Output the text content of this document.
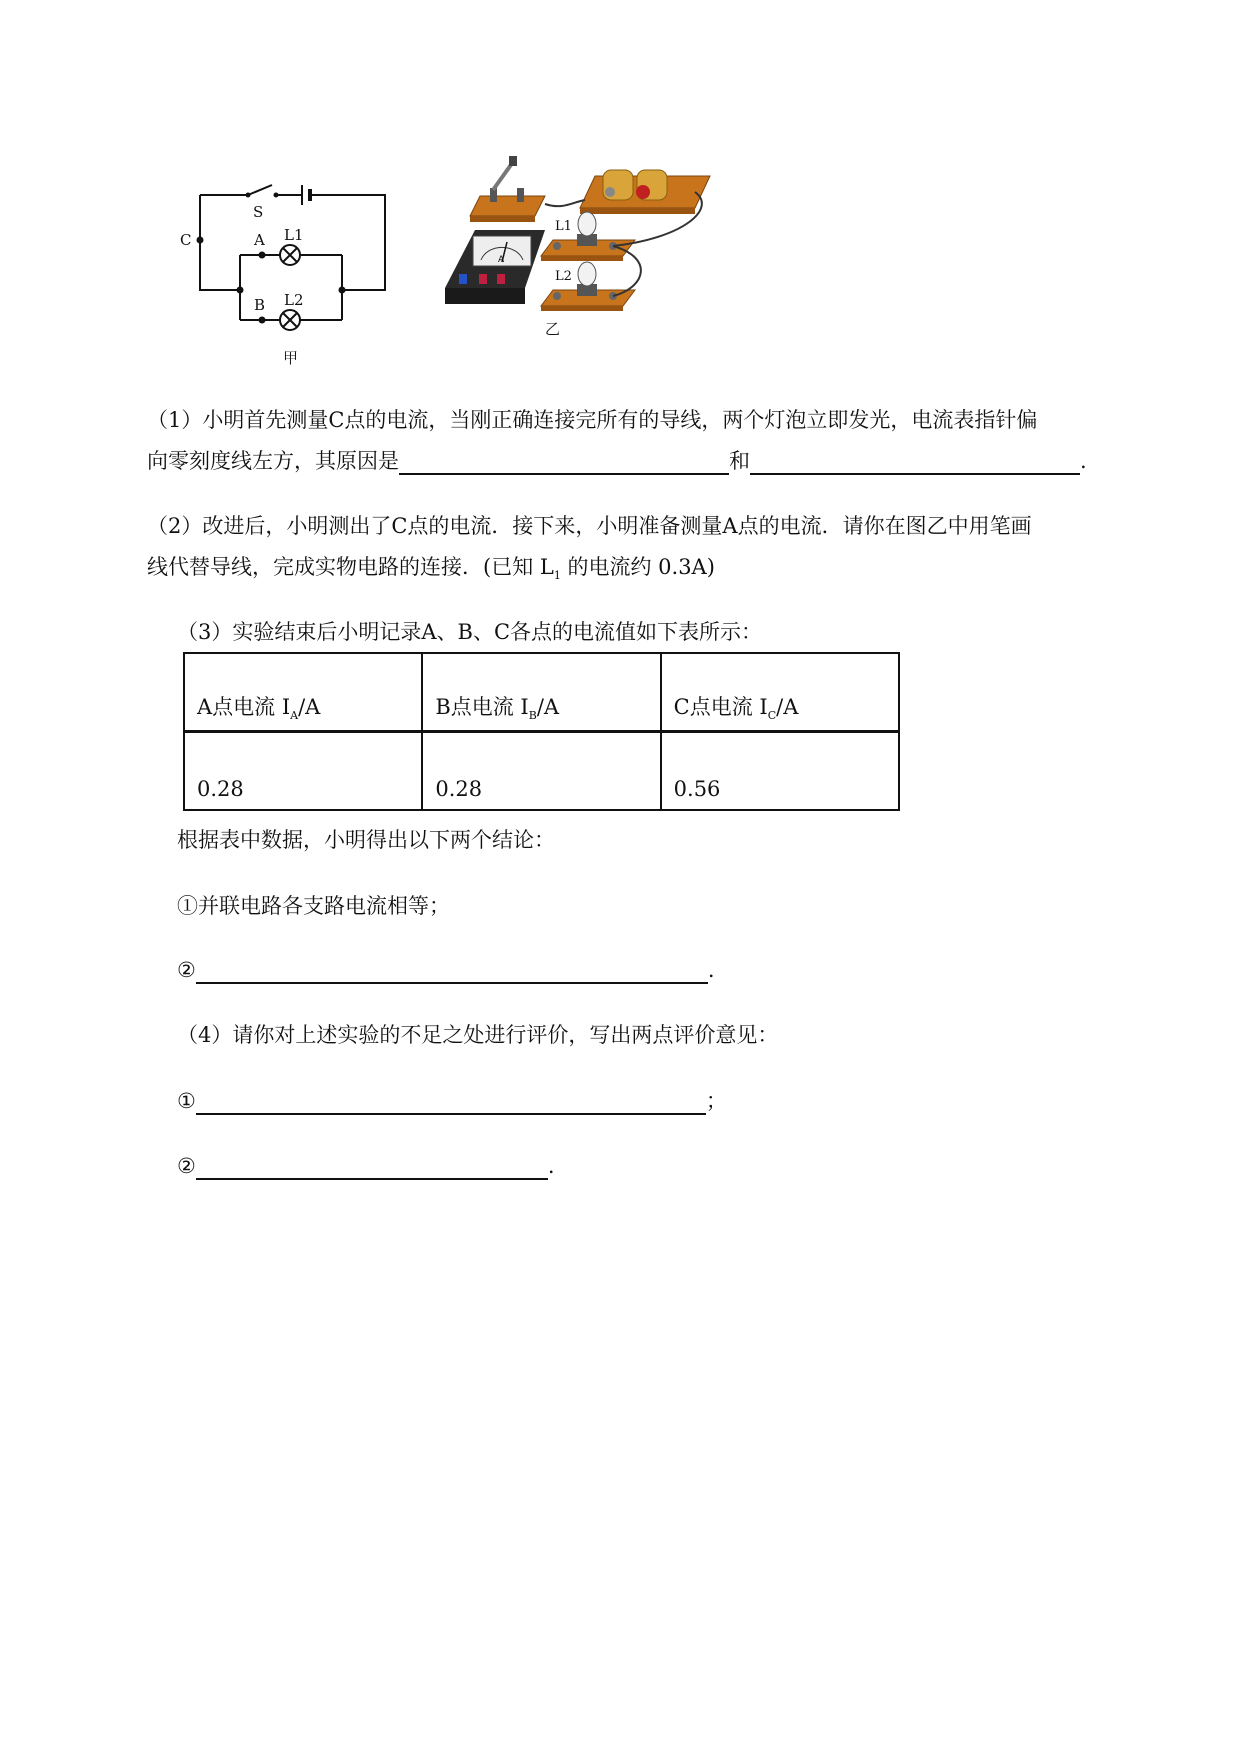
S
C	A
B
L1
L2
甲
L1
L2
A
乙
（1）小明首先测量C点的电流，当刚正确连接完所有的导线，两个灯泡立即发光，电流表指针偏
向零刻度线左方，其原因是	和	.
（2）改进后，小明测出了C点的电流．接下来，小明准备测量A点的电流．请你在图乙中用笔画
线代替导线，完成实物电路的连接．(已知 $L_1$ 的电流约 0.3A)
（3）实验结束后小明记录A、B、C各点的电流值如下表所示：
A点电流 $I_A/A$	B点电流 $I_B/A$	C点电流 $I_C/A$
0.28	0.28	0.56
根据表中数据，小明得出以下两个结论：
①并联电路各支路电流相等；
②	.
（4）请你对上述实验的不足之处进行评价，写出两点评价意见：
①	；
②	.
